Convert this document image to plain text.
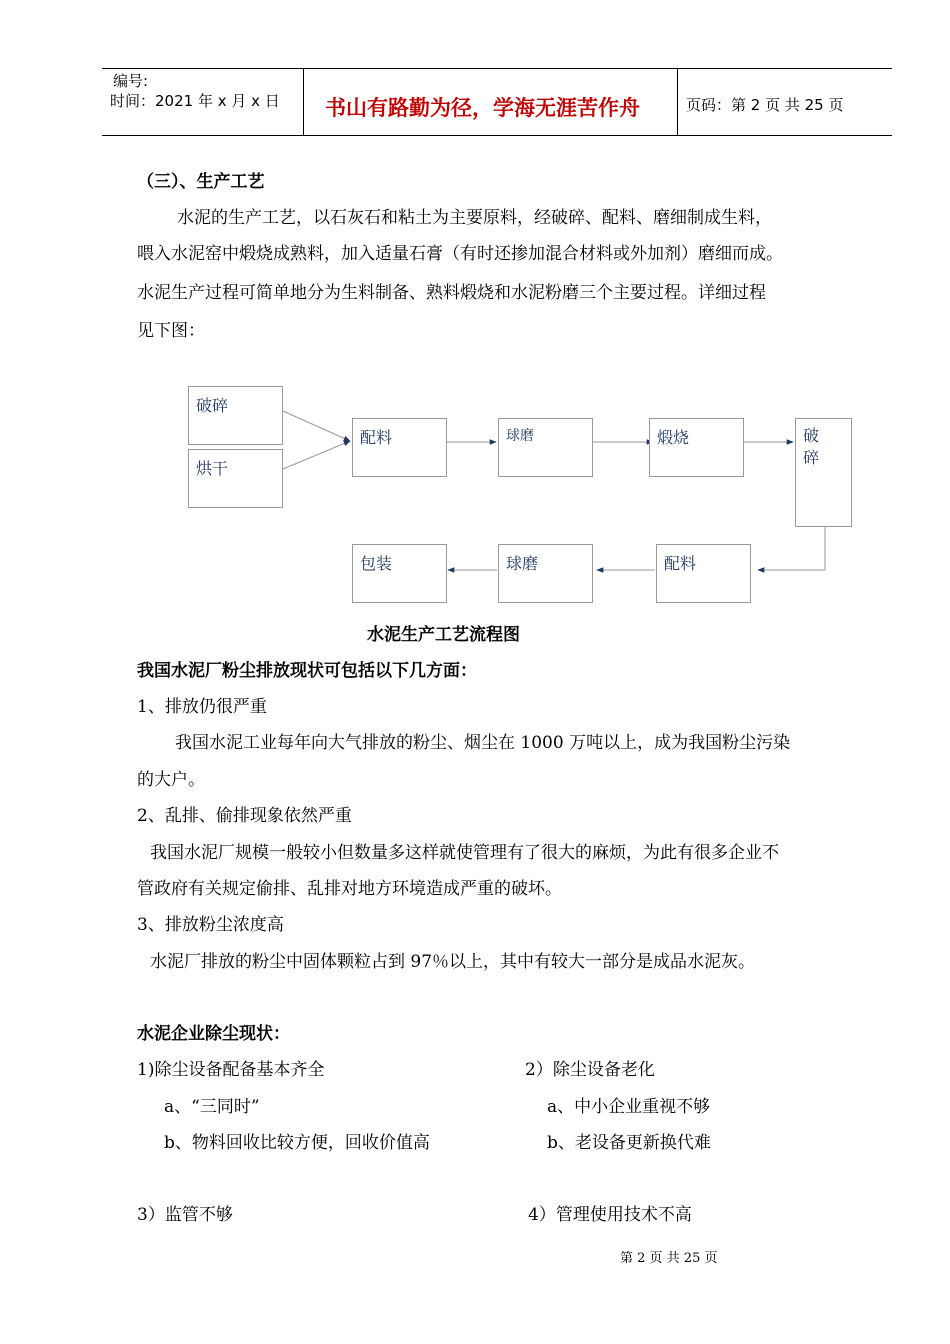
编号:
时间：2021 年 x 月 x 日 书山有路勤为径，学海无涯苦作舟	页码：第 2 页 共 25 页
（三）、生产工艺
水泥的生产工艺，以石灰石和粘土为主要原料，经破碎、配料、磨细制成生料，
喂入水泥窑中煅烧成熟料，加入适量石膏（有时还掺加混合材料或外加剂）磨细而成。
水泥生产过程可简单地分为生料制备、熟料煅烧和水泥粉磨三个主要过程。详细过程
见下图：
破碎
烘干
配料	球磨	煅烧	破碎
配料
球磨
包装
水泥生产工艺流程图
我国水泥厂粉尘排放现状可包括以下几方面：
1、排放仍很严重
我国水泥工业每年向大气排放的粉尘、烟尘在 1000 万吨以上，成为我国粉尘污染
的大户。
2、乱排、偷排现象依然严重
我国水泥厂规模一般较小但数量多这样就使管理有了很大的麻烦，为此有很多企业不
管政府有关规定偷排、乱排对地方环境造成严重的破坏。
3、排放粉尘浓度高
水泥厂排放的粉尘中固体颗粒占到 97％以上，其中有较大一部分是成品水泥灰。
水泥企业除尘现状：
1)除尘设备配备基本齐全	2）除尘设备老化
a、“三同时”	a、中小企业重视不够
b、物料回收比较方便，回收价值高	b、老设备更新换代难
3）监管不够	4）管理使用技术不高
第 2 页 共 25 页
